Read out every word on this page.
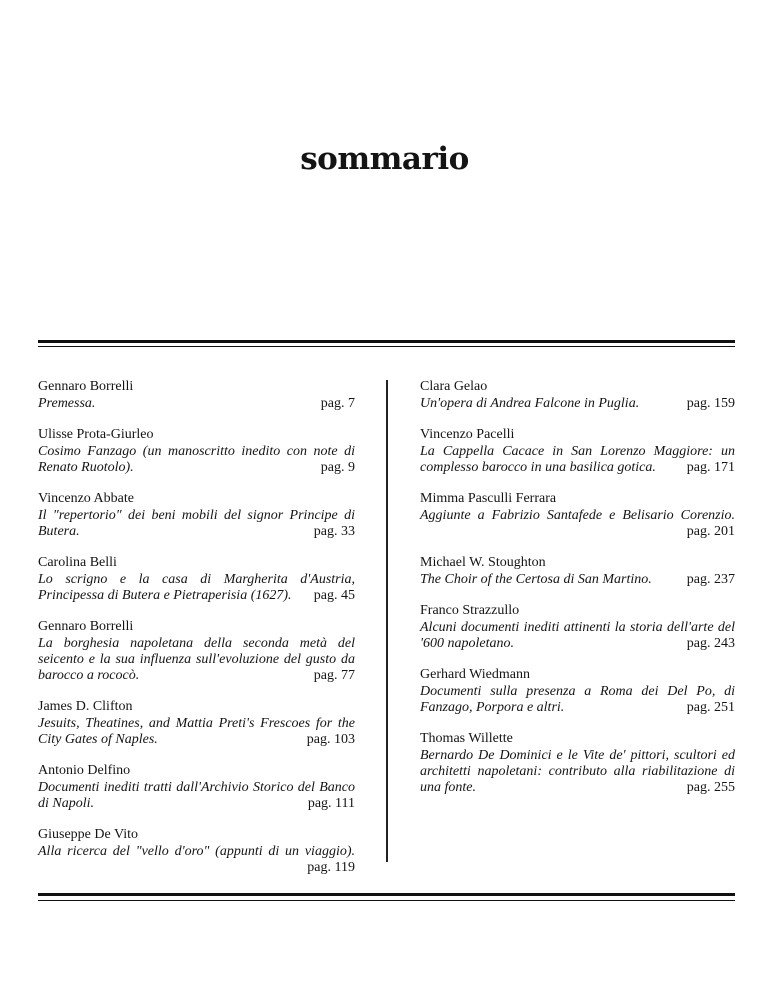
sommario
Gennaro Borrelli
Premessa.	pag. 7
Ulisse Prota-Giurleo
Cosimo Fanzago (un manoscritto inedito con note di Renato Ruotolo).	pag. 9
Vincenzo Abbate
Il "repertorio" dei beni mobili del signor Principe di Butera.	pag. 33
Carolina Belli
Lo scrigno e la casa di Margherita d'Austria, Principessa di Butera e Pietraperisia (1627).	pag. 45
Gennaro Borrelli
La borghesia napoletana della seconda metà del seicento e la sua influenza sull'evoluzione del gusto da barocco a rococò.	pag. 77
James D. Clifton
Jesuits, Theatines, and Mattia Preti's Frescoes for the City Gates of Naples.	pag. 103
Antonio Delfino
Documenti inediti tratti dall'Archivio Storico del Banco di Napoli.	pag. 111
Giuseppe De Vito
Alla ricerca del "vello d'oro" (appunti di un viaggio).
pag. 119
Clara Gelao
Un'opera di Andrea Falcone in Puglia.	pag. 159
Vincenzo Pacelli
La Cappella Cacace in San Lorenzo Maggiore: un complesso barocco in una basilica gotica.	pag. 171
Mimma Pasculli Ferrara
Aggiunte a Fabrizio Santafede e Belisario Corenzio.
pag. 201
Michael W. Stoughton
The Choir of the Certosa di San Martino.	pag. 237
Franco Strazzullo
Alcuni documenti inediti attinenti la storia dell'arte del '600 napoletano.	pag. 243
Gerhard Wiedmann
Documenti sulla presenza a Roma dei Del Po, di Fanzago, Porpora e altri.	pag. 251
Thomas Willette
Bernardo De Dominici e le Vite de' pittori, scultori ed architetti napoletani: contributo alla riabilitazione di una fonte.	pag. 255
